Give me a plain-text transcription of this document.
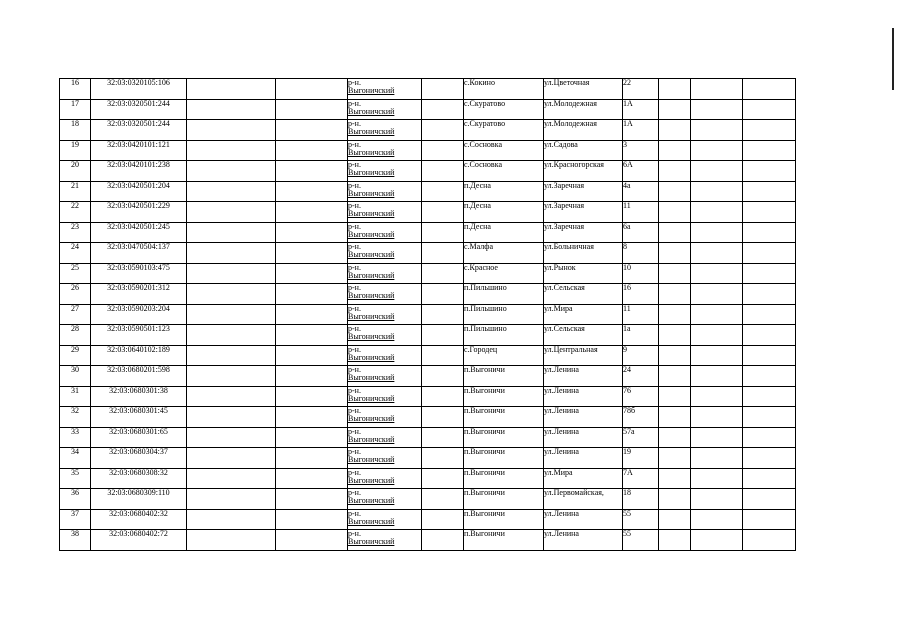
16	32:03:0320105:106			р-н.
Выгоничский		с.Кокино	ул.Цветочная	22			
17	32:03:0320501:244			р-н.
Выгоничский		с.Скуратово	ул.Молодежная	1А			
18	32:03:0320501:244			р-н.
Выгоничский		с.Скуратово	ул.Молодежная	1А			
19	32:03:0420101:121			р-н.
Выгоничский		с.Сосновка	ул.Садова	3			
20	32:03:0420101:238			р-н.
Выгоничский		с.Сосновка	ул.Красногорская	6А			
21	32:03:0420501:204			р-н.
Выгоничский		п.Десна	ул.Заречная	4а			
22	32:03:0420501:229			р-н.
Выгоничский		п.Десна	ул.Заречная	11			
23	32:03:0420501:245			р-н.
Выгоничский		п.Десна	ул.Заречная	6а			
24	32:03:0470504:137			р-н.
Выгоничский		с.Малфа	ул.Больничная	8			
25	32:03:0590103:475			р-н.
Выгоничский		с.Красное	ул.Рынок	10			
26	32:03:0590201:312			р-н.
Выгоничский		п.Пильшино	ул.Сельская	16			
27	32:03:0590203:204			р-н.
Выгоничский		п.Пильшино	ул.Мира	11			
28	32:03:0590501:123			р-н.
Выгоничский		п.Пильшино	ул.Сельская	1а			
29	32:03:0640102:189			р-н.
Выгоничский		с.Городец	ул.Центральная	9			
30	32:03:0680201:598			р-н.
Выгоничский		п.Выгоничи	ул.Ленина	24			
31	32:03:0680301:38			р-н.
Выгоничский		п.Выгоничи	ул.Ленина	76			
32	32:03:0680301:45			р-н.
Выгоничский		п.Выгоничи	ул.Ленина	78б			
33	32:03:0680301:65			р-н.
Выгоничский		п.Выгоничи	ул.Ленина	57а			
34	32:03:0680304:37			р-н.
Выгоничский		п.Выгоничи	ул.Ленина	19			
35	32:03:0680308:32			р-н.
Выгоничский		п.Выгоничи	ул.Мира	7А			
36	32:03:0680309:110			р-н.
Выгоничский		п.Выгоничи	ул.Первомайская,	18			
37	32:03:0680402:32			р-н.
Выгоничский		п.Выгоничи	ул.Ленина	55			
38	32:03:0680402:72			р-н.
Выгоничский		п.Выгоничи	ул.Ленина	55			
